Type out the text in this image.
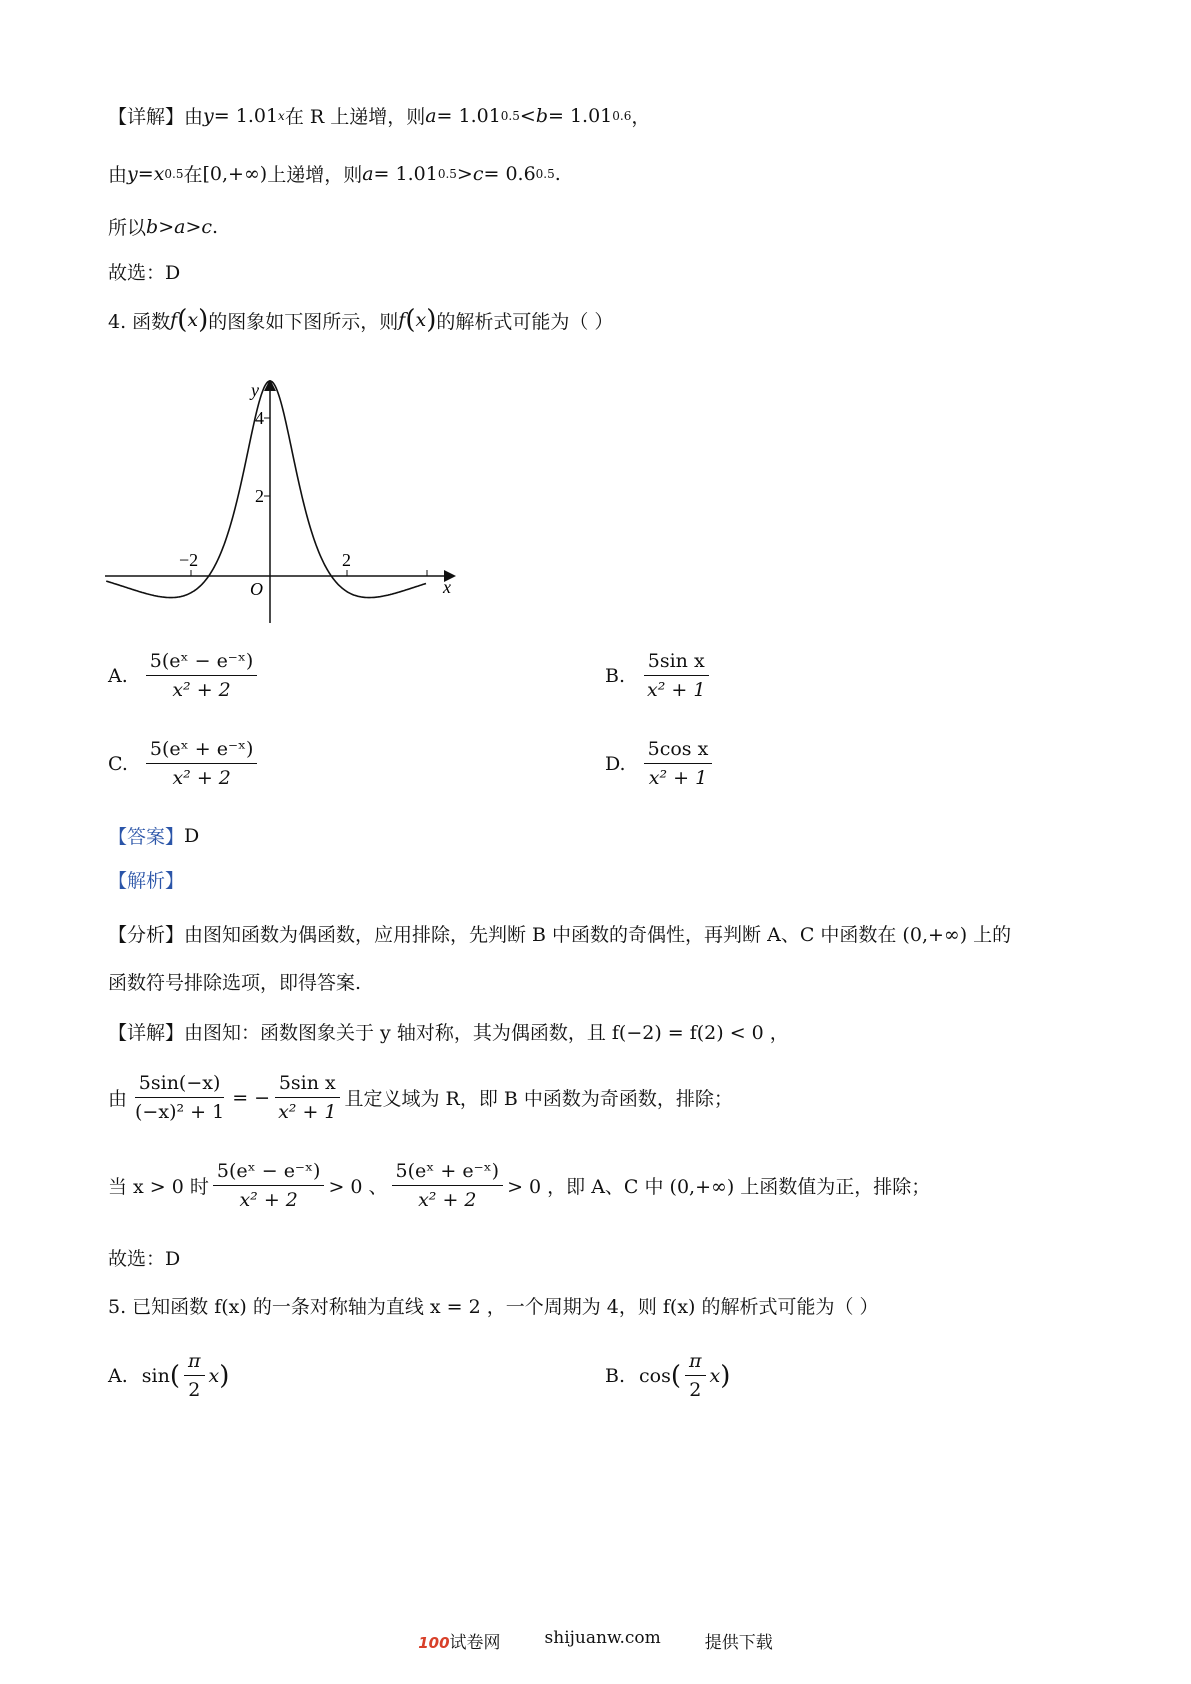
【详解】 由 y = 1.01 x 在 R 上递增，则 a = 1.01 0.5 < b = 1.01 0.6 ，
由 y = x 0.5 在 [0,+∞) 上递增，则 a = 1.01 0.5 > c = 0.6 0.5 .
所以 b > a > c .
故选：D
4. 函数 f ( x ) 的图象如下图所示，则 f ( x ) 的解析式可能为（ ）
y
x
O
4
2
−2	2
A. $\frac{\text{5(eˣ − e⁻ˣ)}}{\text{x² + 2}}$	B. $\frac{\text{5sin x}}{\text{x² + 1}}$
C. $\frac{\text{5(eˣ + e⁻ˣ)}}{\text{x² + 2}}$	D. $\frac{\text{5cos x}}{\text{x² + 1}}$
【答案】 D
【解析】
【分析】 由图知函数为偶函数，应用排除，先判断 B 中函数的奇偶性，再判断 A、C 中函数在 (0,+∞) 上的
函数符号排除选项，即得答案.
【详解】 由图知：函数图象关于 y 轴对称，其为偶函数，且 f(−2) = f(2) < 0 ，
由 $\frac{5\sin(-x)}{\text{(−x)² + 1}}$ = − $\frac{\text{5sin x}}{\text{x² + 1}}$ 且定义域为 R，即 B 中函数为奇函数，排除；
当 x > 0 时 $\frac{\text{5(eˣ − e⁻ˣ)}}{\text{x² + 2}} > 0$ 、 $\frac{\text{5(eˣ + e⁻ˣ)}}{\text{x² + 2}} > 0$ ，即 A、C 中 (0,+∞) 上函数值为正，排除；
故选：D
5. 已知函数 f(x) 的一条对称轴为直线 x = 2 ，一个周期为 4，则 f(x) 的解析式可能为（ ）
A. sin ( $\frac{\pi}{2}$ x )	B. cos ( $\frac{\pi}{2}$ x )
100试卷网	shijuanw.com	提供下载
